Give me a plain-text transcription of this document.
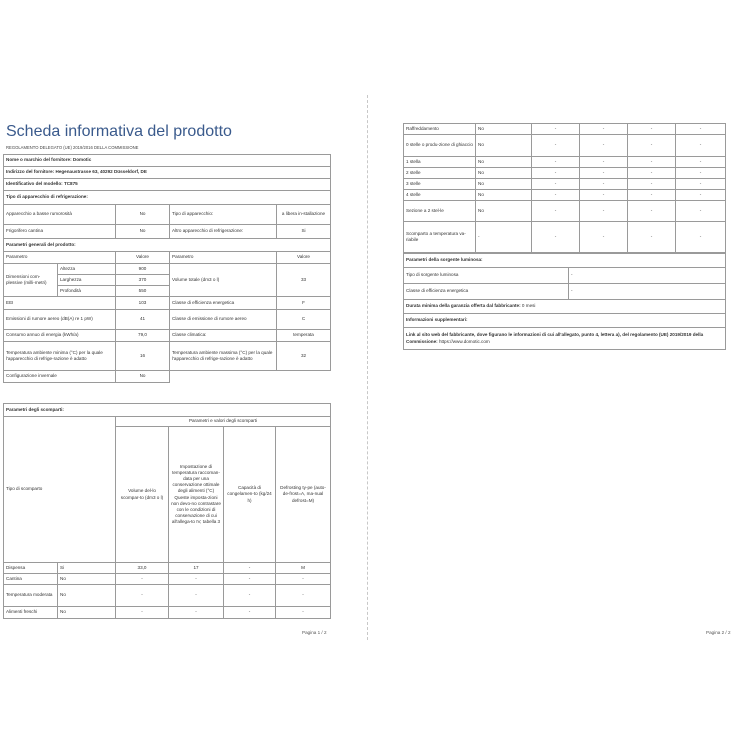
Scheda informativa del prodotto
REGOLAMENTO DELEGATO (UE) 2019/2016 DELLA COMMISSIONE
Nome o marchio del fornitore: Domotic				
Indirizzo del fornitore: Hegenaustrasse 63, 40292 Düsseldorf, DE				
Identificativo del modello: TC875				
Tipo di apparecchio di refrigerazione:				
Apparecchio a basse rumorosità		No	Tipo di apparecchio:	a libera in-stallazione
Frigorifero cantina		No	Altro apparecchio di refrigerazione:	Si
Parametri generali del prodotto:				
Parametro		Valore	Parametro	Valore
Dimensioni com-plessive (milli-metri)	Altezza	900	Volume totale (dm3 o l)	33
	Larghezza	370		
	Profondità	550		
EEI		103	Classe di efficienza energetica	F
Emissioni di rumore aereo (dB(A) re 1 pW)		41	Classe di emissione di rumore aereo	C
Consumo annuo di energia (kWh/a)		79,0	Classe climatica:	temperata
Temperatura ambiente minima (°C) per la quale l'apparecchio di refrige-razione è adatto		16	Temperatura ambiente massima (°C) per la quale l'apparecchio di refrige-razione è adatto	32
Configurazione invernale		No		
Parametri degli scomparti:					
Tipo di scomparto		Parametri e valori degli scomparti			
		Volume del-lo scompar-to (dm3 o l)	Impostazione di temperatura raccoman-data per una conservazione ottimale degli alimenti (°C) Queste imposta-zioni non devo-no contrastare con le condizioni di conservazione di cui all'allega-to IV, tabella 3	Capacità di congelamen-to (kg/24 h)	Defrosting ty-pe (auto-de-frost=A, ma-nual defrost=M)
Dispensa	Si	33,0	17	-	M
Cantina	No	-	-	-	-
Temperatura moderata	No	-	-	-	-
Alimenti freschi	No	-	-	-	-
Pagina 1 / 2
Raffreddamento	No	-	-	-	-
0 stelle o produ-zione di ghiaccio	No	-	-	-	-
1 stella	No	-	-	-	-
2 stelle	No	-	-	-	-
3 stelle	No	-	-	-	-
4 stelle	No	-	-	-	-
Sezione a 2 stel-le	No	-	-	-	-
Scomparto a temperatura va-riabile	-	-	-	-	-
Parametri della sorgente luminosa:	
Tipo di sorgente luminosa	-
Classe di efficienza energetica	-
Durata minima della garanzia offerta dal fabbricante: 0 mesi	
Informazioni supplementari:	
Link al sito web del fabbricante, dove figurano le informazioni di cui all'allegato, punto 4, lettera a), del regolamento (UE) 2019/2019 della Commissione: https://www.domotic.com	
Pagina 2 / 2
